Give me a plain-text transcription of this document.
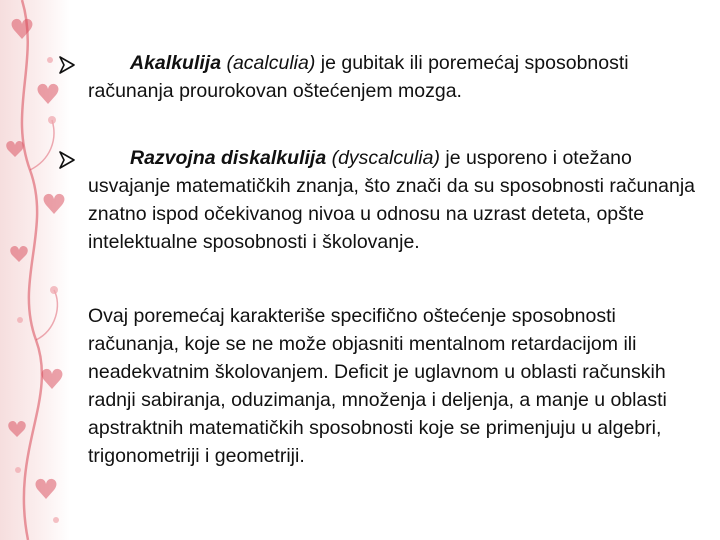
Akalkulija (acalculia) je gubitak ili poremećaj sposobnosti računanja prourokovan oštećenjem mozga.

Razvojna diskalkulija (dyscalculia) je usporeno i otežano usvajanje matematičkih znanja, što znači da su sposobnosti računanja znatno ispod očekivanog nivoa u odnosu na uzrast deteta, opšte intelektualne sposobnosti i školovanje.

Ovaj poremećaj karakteriše specifično oštećenje sposobnosti računanja, koje se ne može objasniti mentalnom retardacijom ili neadekvatnim školovanjem. Deficit je uglavnom u oblasti računskih radnji sabiranja, oduzimanja, množenja i deljenja, a manje u oblasti apstraktnih matematičkih sposobnosti koje se primenjuju u algebri, trigonometriji i geometriji.
